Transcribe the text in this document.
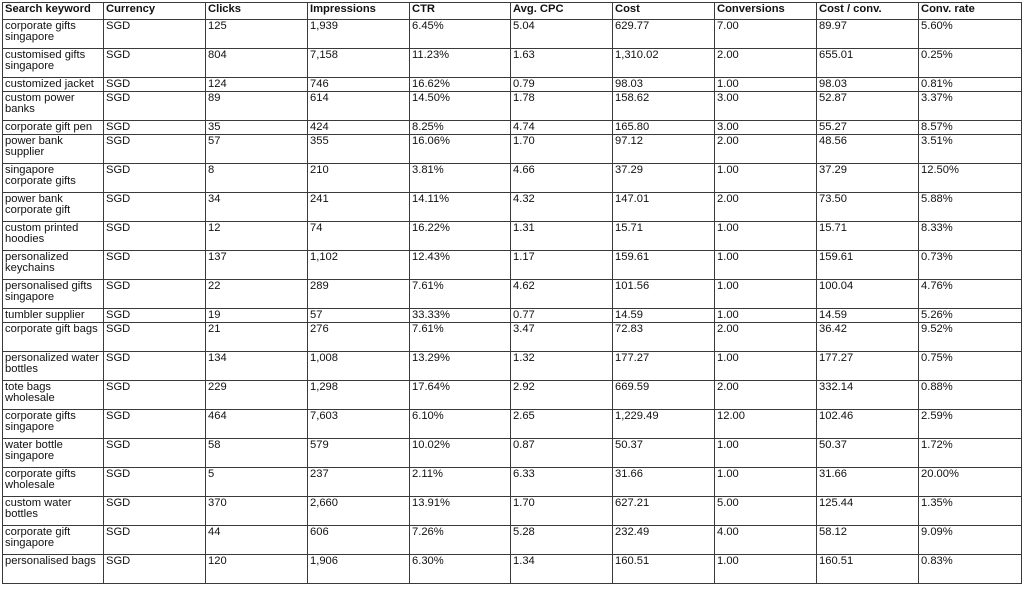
Search keyword	Currency	Clicks	Impressions	CTR	Avg. CPC	Cost	Conversions	Cost / conv.	Conv. rate
corporate gifts singapore	SGD	125	1,939	6.45%	5.04	629.77	7.00	89.97	5.60%
customised gifts singapore	SGD	804	7,158	11.23%	1.63	1,310.02	2.00	655.01	0.25%
customized jacket	SGD	124	746	16.62%	0.79	98.03	1.00	98.03	0.81%
custom power banks	SGD	89	614	14.50%	1.78	158.62	3.00	52.87	3.37%
corporate gift pen	SGD	35	424	8.25%	4.74	165.80	3.00	55.27	8.57%
power bank supplier	SGD	57	355	16.06%	1.70	97.12	2.00	48.56	3.51%
singapore corporate gifts	SGD	8	210	3.81%	4.66	37.29	1.00	37.29	12.50%
power bank corporate gift	SGD	34	241	14.11%	4.32	147.01	2.00	73.50	5.88%
custom printed hoodies	SGD	12	74	16.22%	1.31	15.71	1.00	15.71	8.33%
personalized keychains	SGD	137	1,102	12.43%	1.17	159.61	1.00	159.61	0.73%
personalised gifts singapore	SGD	22	289	7.61%	4.62	101.56	1.00	100.04	4.76%
tumbler supplier	SGD	19	57	33.33%	0.77	14.59	1.00	14.59	5.26%
corporate gift bags	SGD	21	276	7.61%	3.47	72.83	2.00	36.42	9.52%
personalized water bottles	SGD	134	1,008	13.29%	1.32	177.27	1.00	177.27	0.75%
tote bags wholesale	SGD	229	1,298	17.64%	2.92	669.59	2.00	332.14	0.88%
corporate gifts singapore	SGD	464	7,603	6.10%	2.65	1,229.49	12.00	102.46	2.59%
water bottle singapore	SGD	58	579	10.02%	0.87	50.37	1.00	50.37	1.72%
corporate gifts wholesale	SGD	5	237	2.11%	6.33	31.66	1.00	31.66	20.00%
custom water bottles	SGD	370	2,660	13.91%	1.70	627.21	5.00	125.44	1.35%
corporate gift singapore	SGD	44	606	7.26%	5.28	232.49	4.00	58.12	9.09%
personalised bags	SGD	120	1,906	6.30%	1.34	160.51	1.00	160.51	0.83%
